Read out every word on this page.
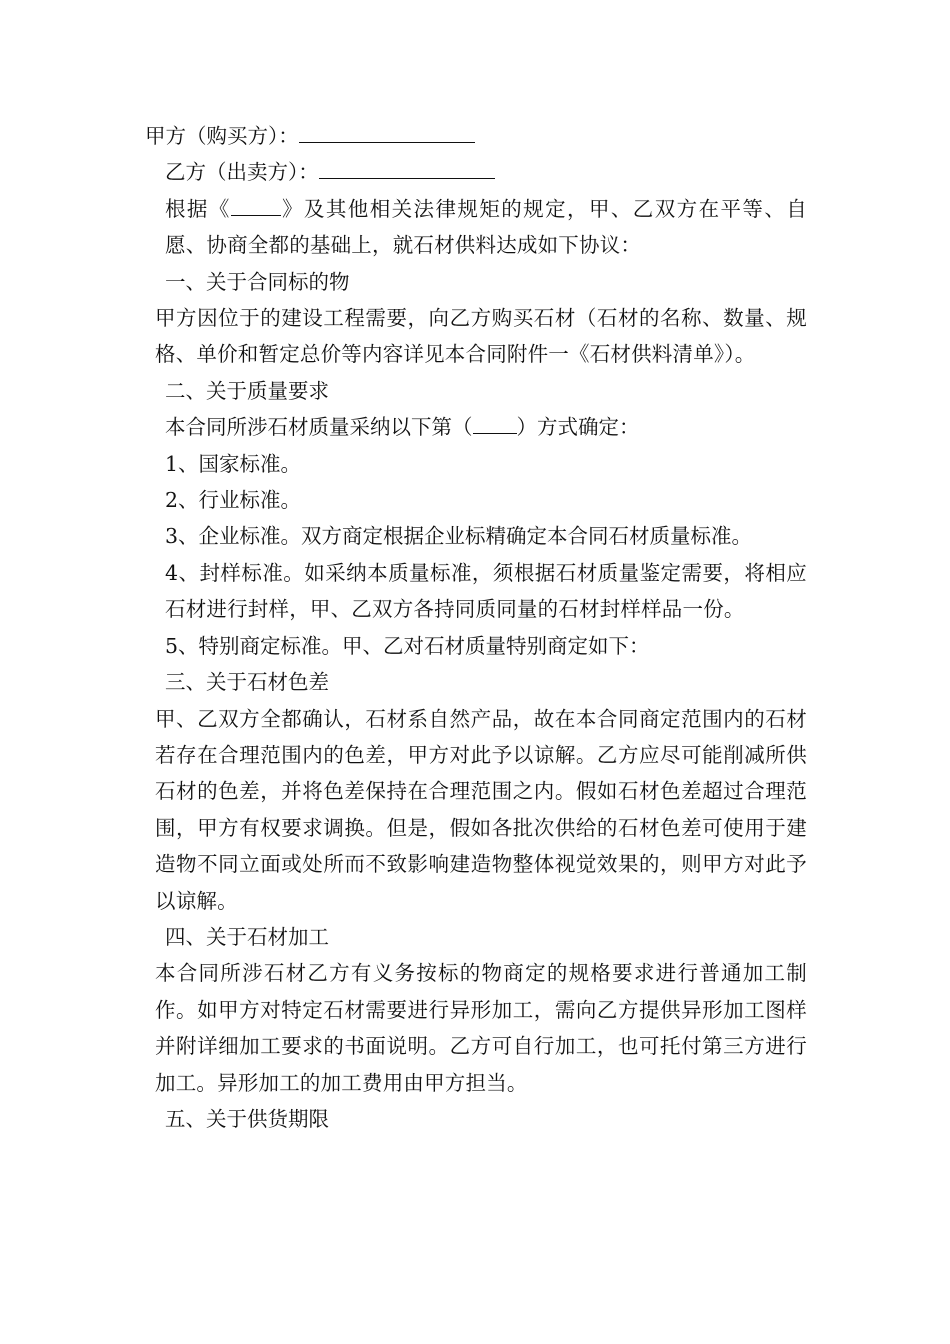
甲方（购买方）：

乙方（出卖方）：

根据《 》及其他相关法律规矩的规定，甲、乙双方在平等、自愿、协商全都的基础上，就石材供料达成如下协议：

一、关于合同标的物

甲方因位于的建设工程需要，向乙方购买石材（石材的名称、数量、规格、单价和暂定总价等内容详见本合同附件一《石材供料清单》）。

二、关于质量要求

本合同所涉石材质量采纳以下第（ ）方式确定：

1、国家标准。

2、行业标准。

3、企业标准。双方商定根据企业标精确定本合同石材质量标准。

4、封样标准。如采纳本质量标准，须根据石材质量鉴定需要，将相应石材进行封样，甲、乙双方各持同质同量的石材封样样品一份。

5、特别商定标准。甲、乙对石材质量特别商定如下：

三、关于石材色差

甲、乙双方全都确认，石材系自然产品，故在本合同商定范围内的石材若存在合理范围内的色差，甲方对此予以谅解。乙方应尽可能削减所供石材的色差，并将色差保持在合理范围之内。假如石材色差超过合理范围，甲方有权要求调换。但是，假如各批次供给的石材色差可使用于建造物不同立面或处所而不致影响建造物整体视觉效果的，则甲方对此予以谅解。

四、关于石材加工

本合同所涉石材乙方有义务按标的物商定的规格要求进行普通加工制作。如甲方对特定石材需要进行异形加工，需向乙方提供异形加工图样并附详细加工要求的书面说明。乙方可自行加工，也可托付第三方进行加工。异形加工的加工费用由甲方担当。

五、关于供货期限
